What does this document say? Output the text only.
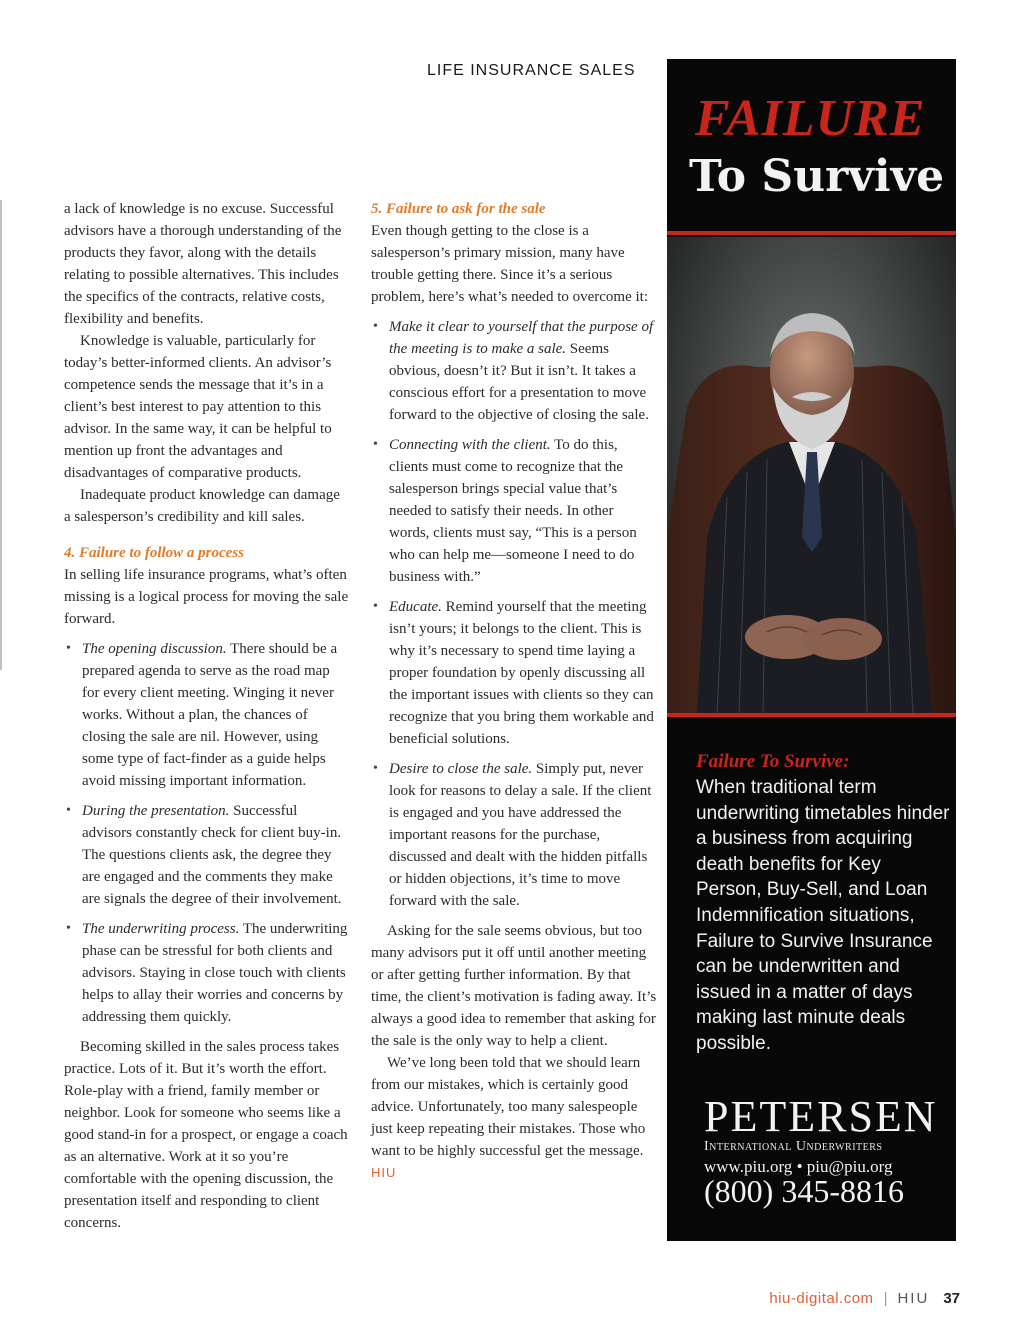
LIFE INSURANCE SALES

a lack of knowledge is no excuse. Successful advisors have a thorough understanding of the products they favor, along with the details relating to possible alternatives. This includes the specifics of the contracts, relative costs, flexibility and benefits.

Knowledge is valuable, particularly for today’s better-informed clients. An advisor’s competence sends the message that it’s in a client’s best interest to pay attention to this advisor. In the same way, it can be helpful to mention up front the advantages and disadvantages of comparative products.

Inadequate product knowledge can damage a salesperson’s credibility and kill sales.

4. Failure to follow a process

In selling life insurance programs, what’s often missing is a logical process for moving the sale forward.

• The opening discussion. There should be a prepared agenda to serve as the road map for every client meeting. Winging it never works. Without a plan, the chances of closing the sale are nil. However, using some type of fact-finder as a guide helps avoid missing important information.
• During the presentation. Successful advisors constantly check for client buy-in. The questions clients ask, the degree they are engaged and the comments they make are signals the degree of their involvement.
• The underwriting process. The underwriting phase can be stressful for both clients and advisors. Staying in close touch with clients helps to allay their worries and concerns by addressing them quickly.

Becoming skilled in the sales process takes practice. Lots of it. But it’s worth the effort. Role-play with a friend, family member or neighbor. Look for someone who seems like a good stand-in for a prospect, or engage a coach as an alternative. Work at it so you’re comfortable with the opening discussion, the presentation itself and responding to client concerns.

5. Failure to ask for the sale

Even though getting to the close is a salesperson’s primary mission, many have trouble getting there. Since it’s a serious problem, here’s what’s needed to overcome it:

• Make it clear to yourself that the purpose of the meeting is to make a sale. Seems obvious, doesn’t it? But it isn’t. It takes a conscious effort for a presentation to move forward to the objective of closing the sale.
• Connecting with the client. To do this, clients must come to recognize that the salesperson brings special value that’s needed to satisfy their needs. In other words, clients must say, “This is a person who can help me—someone I need to do business with.”
• Educate. Remind yourself that the meeting isn’t yours; it belongs to the client. This is why it’s necessary to spend time laying a proper foundation by openly discussing all the important issues with clients so they can recognize that you bring them workable and beneficial solutions.
• Desire to close the sale. Simply put, never look for reasons to delay a sale. If the client is engaged and you have addressed the important reasons for the purchase, discussed and dealt with the hidden pitfalls or hidden objections, it’s time to move forward with the sale.

Asking for the sale seems obvious, but too many advisors put it off until another meeting or after getting further information. By that time, the client’s motivation is fading away. It’s always a good idea to remember that asking for the sale is the only way to help a client.

We’ve long been told that we should learn from our mistakes, which is certainly good advice. Unfortunately, too many salespeople just keep repeating their mistakes. Those who want to be highly successful get the message. HIU

FAILURE
To Survive
Failure To Survive:
When traditional term underwriting timetables hinder a business from acquiring death benefits for Key Person, Buy-Sell, and Loan Indemnification situations, Failure to Survive Insurance can be underwritten and issued in a matter of days making last minute deals possible.
PETERSEN
International Underwriters
www.piu.org • piu@piu.org
(800) 345-8816
hiu-digital.com | HIU 37
